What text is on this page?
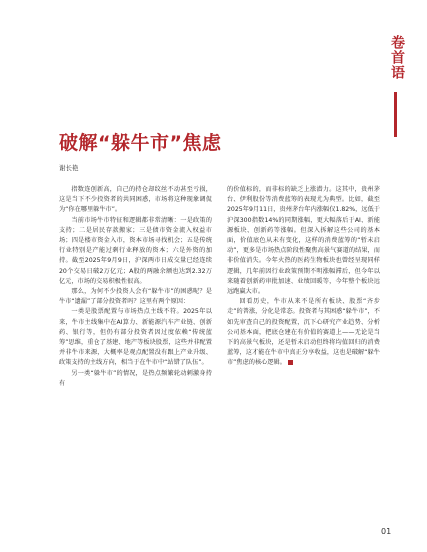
卷首语
破解“躲牛市”焦虑
谢长艳

指数连创新高，自己的持仓却纹丝不动甚至亏损，这是当下不少投资者的共同困惑，市场将这种现象调侃为“你在哪里躲牛市”。

当前市场牛市特征和逻辑都非常清晰：一是政策的支持；二是居民存款搬家；三是债市资金流入权益市场；四是楼市资金入市，资本市场寻找机会；五是传统行业特别是产能过剩行业释放的资本；六是外资的加持。截至2025年9月9日，沪深两市日成交量已经连续20个交易日破2万亿元；A股的两融余额也达到2.32万亿元，市场的交易积极性很高。

那么，为何不少投资人会有“躲牛市”的困惑呢？是牛市“遗漏”了部分投资者吗？这里有两个原因：

一类是股票配置与市场热点主线不符。2025年以来，牛市主线集中在AI算力、新能源汽车产业链、创新药、银行等，但仍有部分投资者因过度依赖“传统蓝筹”思维，重仓了基建、地产等板块股票，这些并非配置并非牛市来源，大概率是观点配置没有跟上产业升级、政策支持的主线方向，相当于在牛市中“站错了队伍”。

另一类“躲牛市”的情况，是热点频繁轮动刺激身持有

的价值标的，而非标的缺乏上涨潜力。这其中，贵州茅台、伊利股份等消费蓝筹的表现尤为典型。比如，截至2025年9月11日，贵州茅台年内涨幅仅1.82%，远低于沪深300指数14%的同期涨幅，更大幅落后于AI、新能源板块、创新药等涨幅。但深入拆解这些公司的基本面，价值底色从未有变化，这样的消费蓝筹的“暂未启动”，更多是市场热点阶段性聚焦高景气赛道的结果，而非价值消失。今年火热的医药生物板块也曾经呈现同样逻辑，几年前因行业政策预期不明涨幅滞后，但今年以来随着创新药审批加速、业绩回暖等，今年整个板块远远跑赢大市。

回看历史，牛市从来不是所有板块、股票“齐步走”的普涨，分化是常态。投资者与其困惑“躲牛市”，不如先审查自己的投资配置，沉下心研究产业趋势、分析公司基本面，把底仓建在有价值的赛道上——无论是当下的高景气板块，还是暂未启动但终将均值回归的消费蓝筹，这才能在牛市中真正分享收益，这也是破解“躲牛市”焦虑的核心逻辑。

01
